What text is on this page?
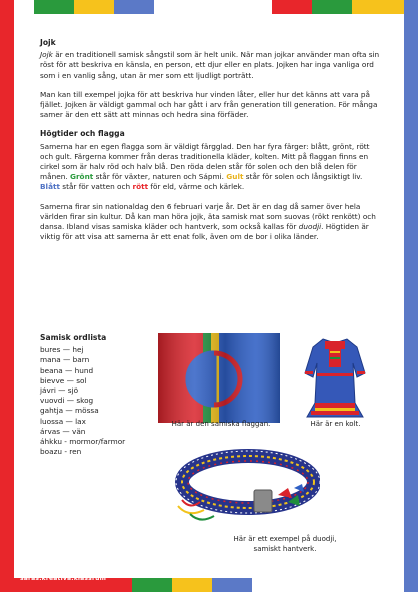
Jojk

Jojk är en traditionell samisk sångstil som är helt unik. När man jojkar använder man ofta sin röst för att beskriva en känsla, en person, ett djur eller en plats. Jojken har inga vanliga ord som i en vanlig sång, utan är mer som ett ljudligt porträtt.

Man kan till exempel jojka för att beskriva hur vinden låter, eller hur det känns att vara på fjället. Jojken är väldigt gammal och har gått i arv från generation till generation. För många samer är den ett sätt att minnas och hedra sina förfäder.

Högtider och flagga

Samerna har en egen flagga som är väldigt färgglad. Den har fyra färger: blått, grönt, rött och gult. Färgerna kommer från deras traditionella kläder, kolten. Mitt på flaggan finns en cirkel som är halv röd och halv blå. Den röda delen står för solen och den blå delen för månen. Grönt står för växter, naturen och Sápmi. Gult står för solen och långsiktigt liv. Blått står för vatten och rött för eld, värme och kärlek.

Samerna firar sin nationaldag den 6 februari varje år. Det är en dag då samer över hela världen firar sin kultur. Då kan man höra jojk, äta samisk mat som suovas (rökt renkött) och dansa. Ibland visas samiska kläder och hantverk, som också kallas för duodji. Högtiden är viktig för att visa att samerna är ett enat folk, även om de bor i olika länder.

Samisk ordlista
bures — hej
mana — barn
beana — hund
bievve — sol
jávri — sjö
vuovdi — skog
gahtja — mössa
luossa — lax
árvas — vän
áhkku - mormor/farmor
boazu - ren
Här är den samiska flaggan.	Här är en kolt.
Här är ett exempel på duodji, samiskt hantverk.
saras.kreativa.klassrum
